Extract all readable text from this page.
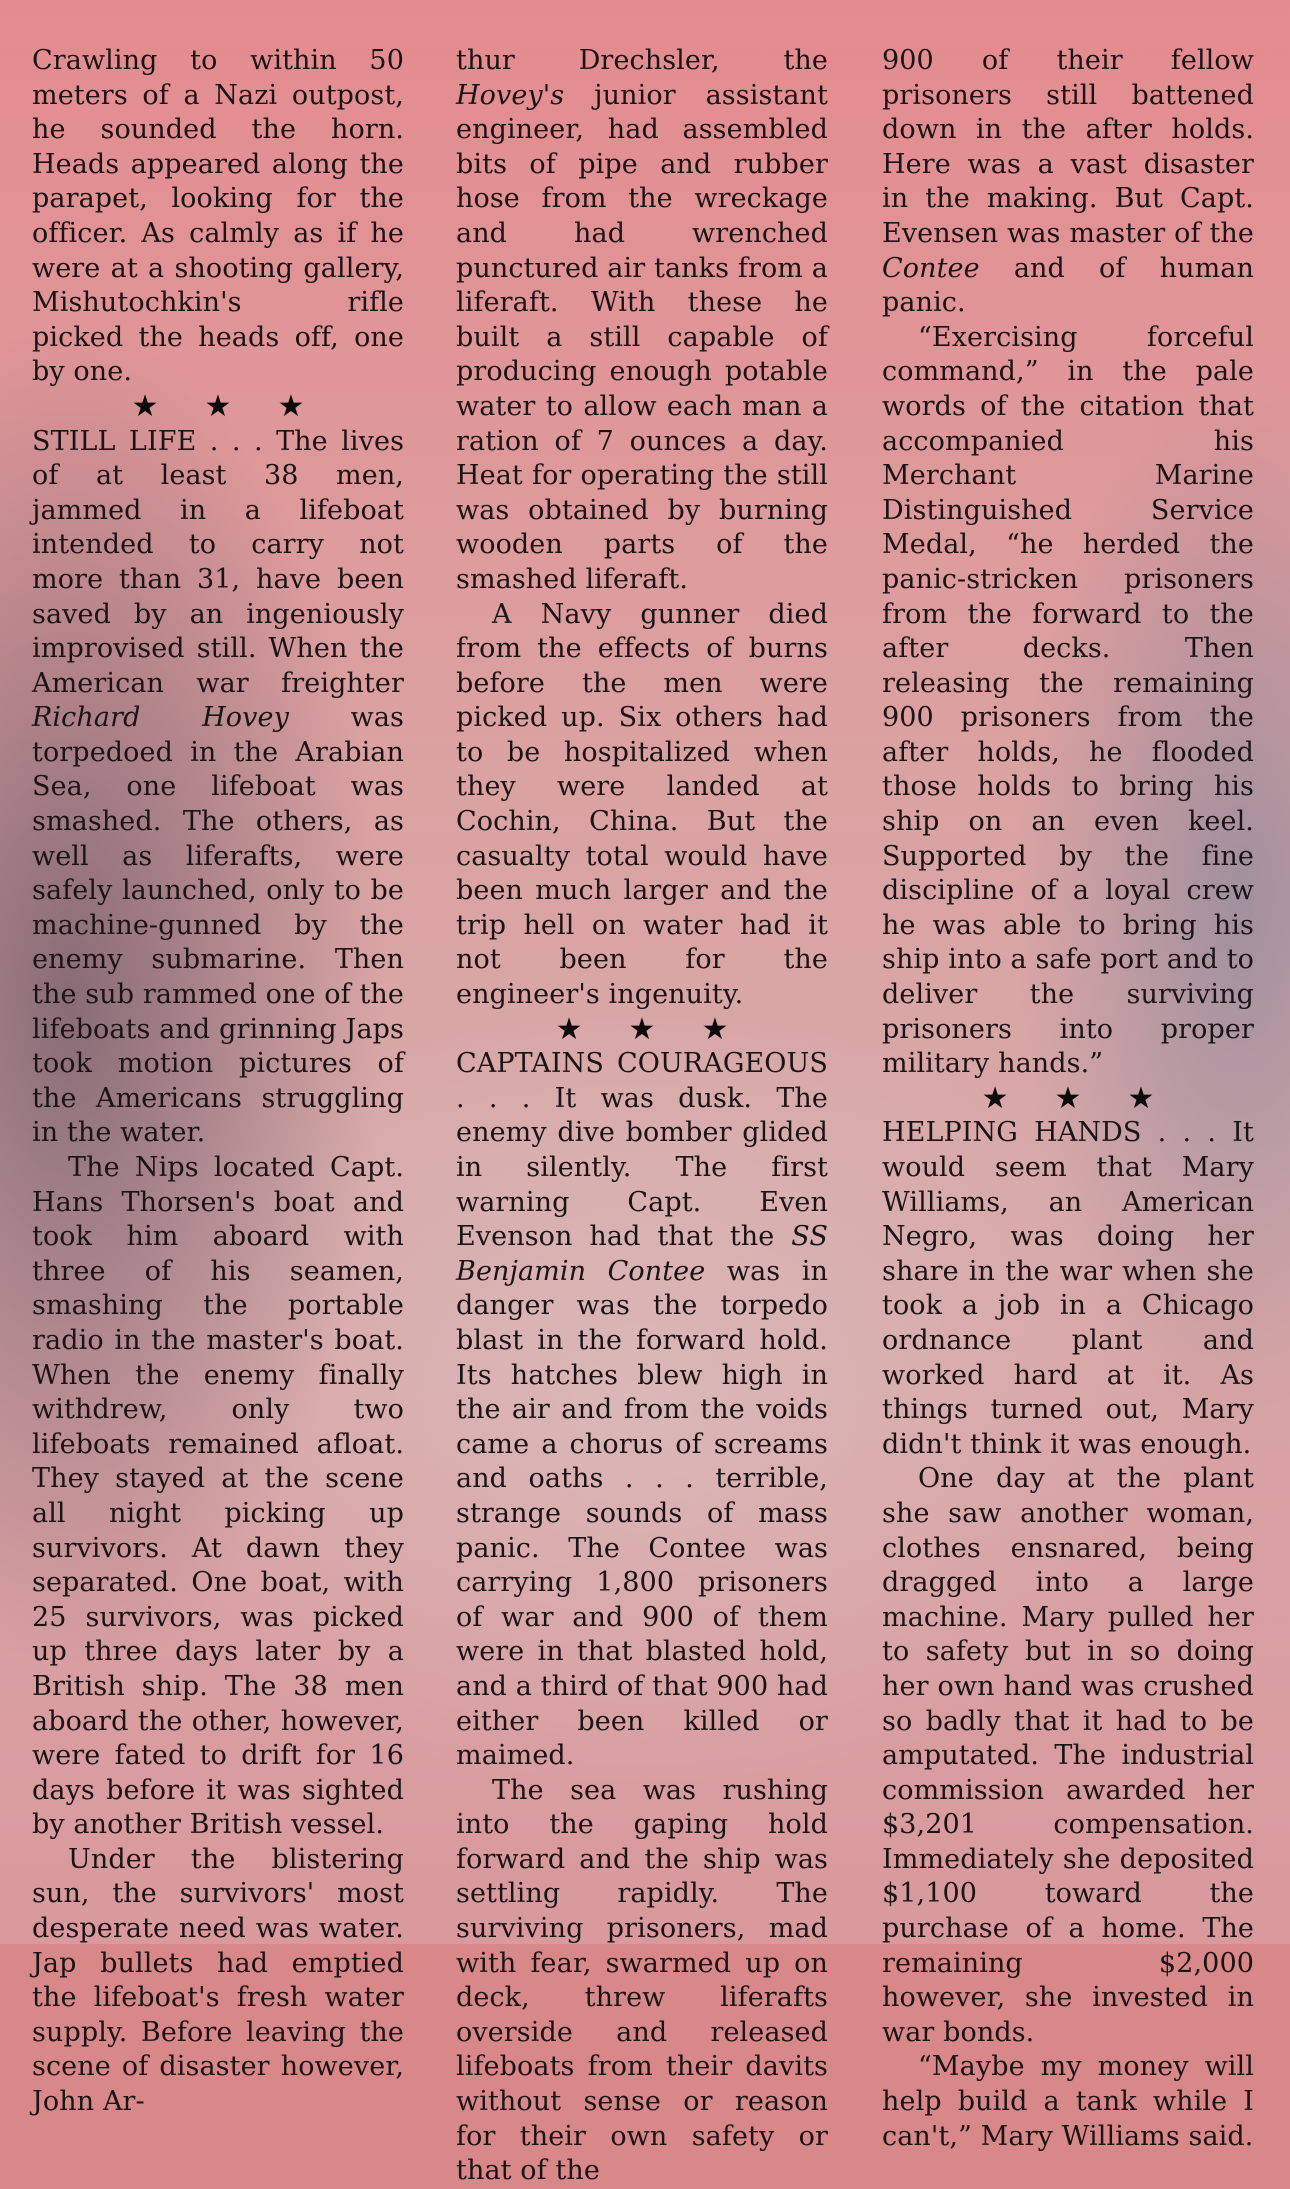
Crawling to within 50 meters of a Nazi outpost, he sounded the horn. Heads appeared along the parapet, looking for the officer. As calmly as if he were at a shooting gallery, Mishutochkin's rifle picked the heads off, one by one.

★★★

STILL LIFE . . . The lives of at least 38 men, jammed in a lifeboat intended to carry not more than 31, have been saved by an ingeniously improvised still. When the American war freighter Richard Hovey was torpedoed in the Arabian Sea, one lifeboat was smashed. The others, as well as liferafts, were safely launched, only to be machine-gunned by the enemy submarine. Then the sub rammed one of the lifeboats and grinning Japs took motion pictures of the Americans struggling in the water.

The Nips located Capt. Hans Thorsen's boat and took him aboard with three of his seamen, smashing the portable radio in the master's boat. When the enemy finally withdrew, only two lifeboats remained afloat. They stayed at the scene all night picking up survivors. At dawn they separated. One boat, with 25 survivors, was picked up three days later by a British ship. The 38 men aboard the other, however, were fated to drift for 16 days before it was sighted by another British vessel.

Under the blistering sun, the survivors' most desperate need was water. Jap bullets had emptied the lifeboat's fresh water supply. Before leaving the scene of disaster however, John Ar-

thur Drechsler, the Hovey's junior assistant engineer, had assembled bits of pipe and rubber hose from the wreckage and had wrenched punctured air tanks from a liferaft. With these he built a still capable of producing enough potable water to allow each man a ration of 7 ounces a day. Heat for operating the still was obtained by burning wooden parts of the smashed liferaft.

A Navy gunner died from the effects of burns before the men were picked up. Six others had to be hospitalized when they were landed at Cochin, China. But the casualty total would have been much larger and the trip hell on water had it not been for the engineer's ingenuity.

★★★

CAPTAINS COURAGEOUS . . . It was dusk. The enemy dive bomber glided in silently. The first warning Capt. Even Evenson had that the SS Benjamin Contee was in danger was the torpedo blast in the forward hold. Its hatches blew high in the air and from the voids came a chorus of screams and oaths . . . terrible, strange sounds of mass panic. The Contee was carrying 1,800 prisoners of war and 900 of them were in that blasted hold, and a third of that 900 had either been killed or maimed.

The sea was rushing into the gaping hold forward and the ship was settling rapidly. The surviving prisoners, mad with fear, swarmed up on deck, threw liferafts overside and released lifeboats from their davits without sense or reason for their own safety or that of the

900 of their fellow prisoners still battened down in the after holds. Here was a vast disaster in the making. But Capt. Evensen was master of the Contee and of human panic.

“Exercising forceful command,” in the pale words of the citation that accompanied his Merchant Marine Distinguished Service Medal, “he herded the panic-stricken prisoners from the forward to the after decks. Then releasing the remaining 900 prisoners from the after holds, he flooded those holds to bring his ship on an even keel. Supported by the fine discipline of a loyal crew he was able to bring his ship into a safe port and to deliver the surviving prisoners into proper military hands.”

★★★

HELPING HANDS . . . It would seem that Mary Williams, an American Negro, was doing her share in the war when she took a job in a Chicago ordnance plant and worked hard at it. As things turned out, Mary didn't think it was enough.

One day at the plant she saw another woman, clothes ensnared, being dragged into a large machine. Mary pulled her to safety but in so doing her own hand was crushed so badly that it had to be amputated. The industrial commission awarded her $3,201 compensation. Immediately she deposited $1,100 toward the purchase of a home. The remaining $2,000 however, she invested in war bonds.

“Maybe my money will help build a tank while I can't,” Mary Williams said.
